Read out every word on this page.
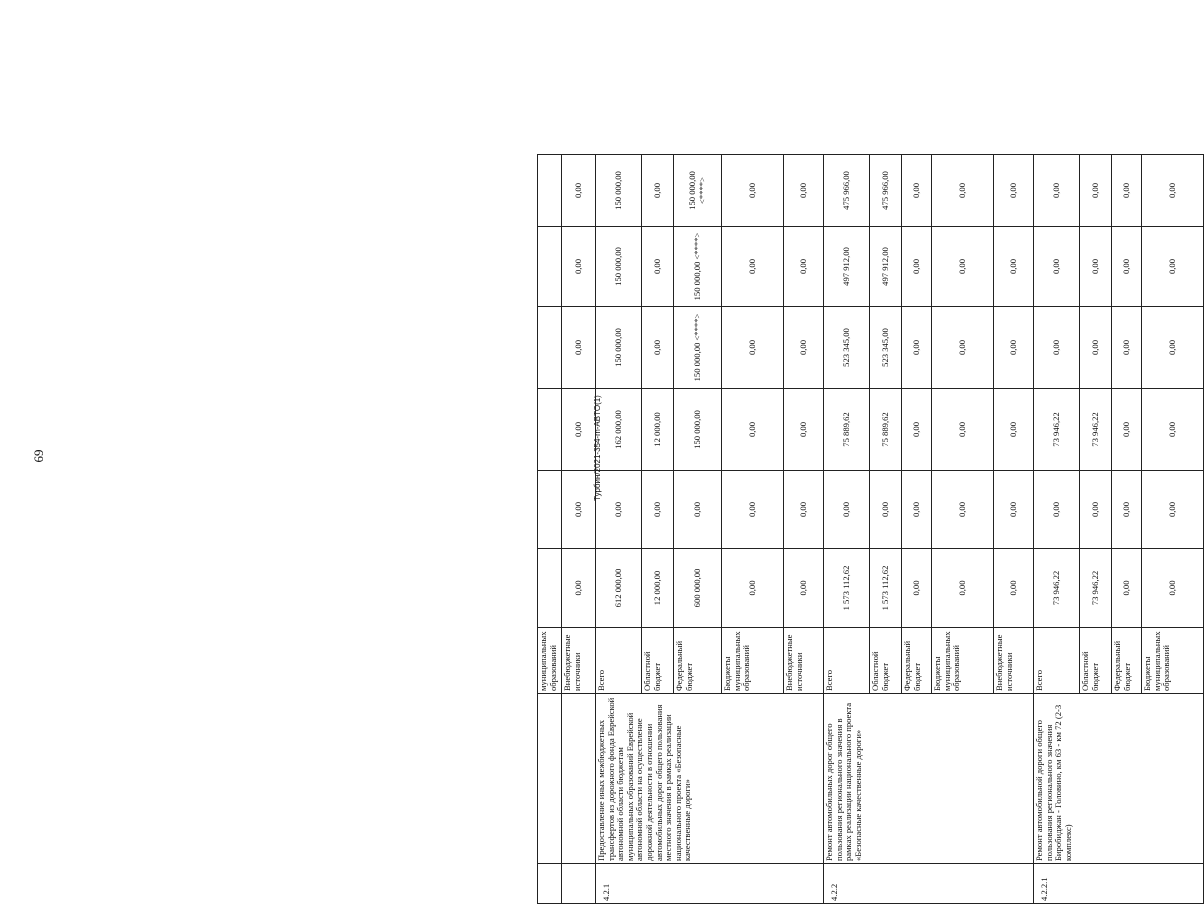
69	Турбин/2021-354-m-ABTO(1)
		муниципальных образований						
		Внебюджетные источники	0,00	0,00	0,00	0,00	0,00	0,00
4.2.1	Предоставление иных межбюджетных трансфертов из дорожного фонда Еврейской автономной области бюджетам муниципальных образований Еврейской автономной области на осуществление дорожной деятельности в отношении автомобильных дорог общего пользования местного значения в рамках реализации национального проекта «Безопасные качественные дороги»	Всего	612 000,00	0,00	162 000,00	150 000,00	150 000,00	150 000,00
		Областной бюджет	12 000,00	0,00	12 000,00	0,00	0,00	0,00
		Федеральный бюджет	600 000,00	0,00	150 000,00	150 000,00 <****>	150 000,00 <****>	150 000,00 <****>
		Бюджеты муниципальных образований	0,00	0,00	0,00	0,00	0,00	0,00
		Внебюджетные источники	0,00	0,00	0,00	0,00	0,00	0,00
4.2.2	Ремонт автомобильных дорог общего пользования регионального значения в рамках реализации национального проекта «Безопасные качественные дороги»	Всего	1 573 112,62	0,00	75 889,62	523 345,00	497 912,00	475 966,00
		Областной бюджет	1 573 112,62	0,00	75 889,62	523 345,00	497 912,00	475 966,00
		Федеральный бюджет	0,00	0,00	0,00	0,00	0,00	0,00
		Бюджеты муниципальных образований	0,00	0,00	0,00	0,00	0,00	0,00
		Внебюджетные источники	0,00	0,00	0,00	0,00	0,00	0,00
4.2.2.1	Ремонт автомобильной дороги общего пользования регионального значения Биробиджан - Головино, км 63 - км 72 (2-3 комплекс)	Всего	73 946,22	0,00	73 946,22	0,00	0,00	0,00
		Областной бюджет	73 946,22	0,00	73 946,22	0,00	0,00	0,00
		Федеральный бюджет	0,00	0,00	0,00	0,00	0,00	0,00
		Бюджеты муниципальных образований	0,00	0,00	0,00	0,00	0,00	0,00
